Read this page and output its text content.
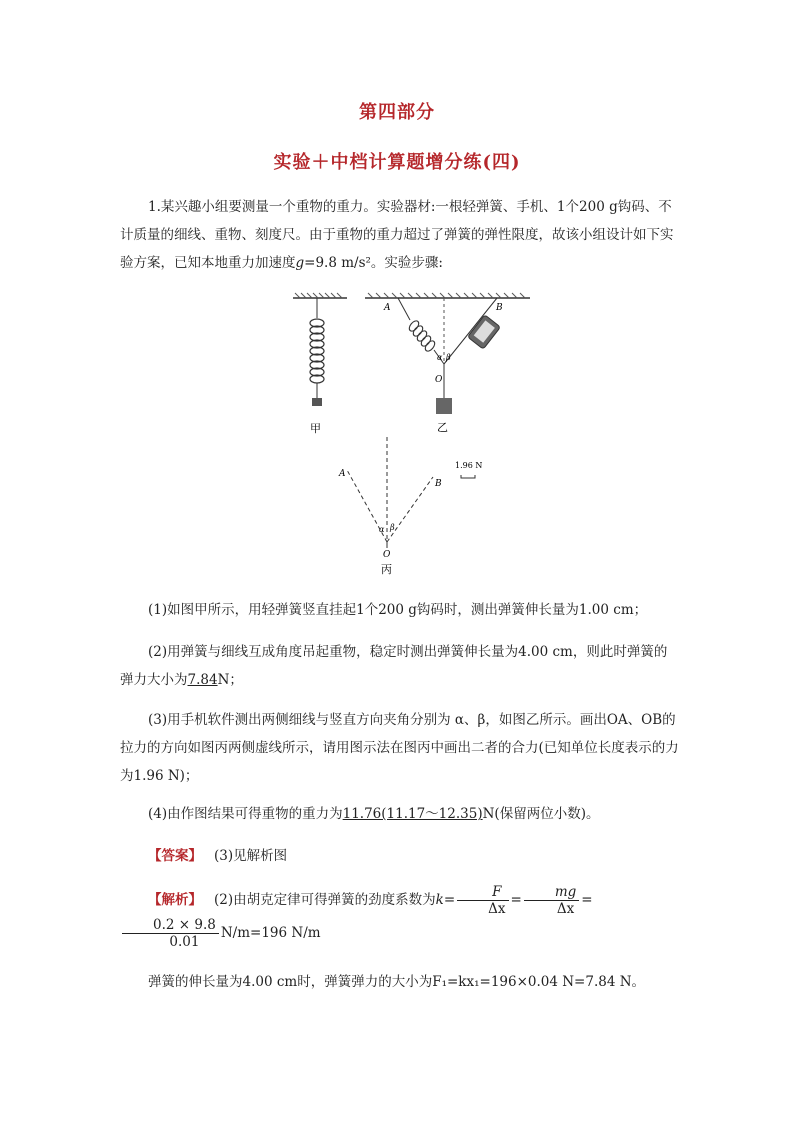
第四部分
实验＋中档计算题增分练(四)
1.某兴趣小组要测量一个重物的重力。实验器材:一根轻弹簧、手机、1个200 g钩码、不计质量的细线、重物、刻度尺。由于重物的重力超过了弹簧的弹性限度，故该小组设计如下实验方案，已知本地重力加速度g=9.8 m/s²。实验步骤:
甲
A	B
O
α β
乙
A
B
O
α β
1.96 N
丙
(1)如图甲所示，用轻弹簧竖直挂起1个200 g钩码时，测出弹簧伸长量为1.00 cm；
(2)用弹簧与细线互成角度吊起重物，稳定时测出弹簧伸长量为4.00 cm，则此时弹簧的弹力大小为7.84N；
(3)用手机软件测出两侧细线与竖直方向夹角分别为 α、β，如图乙所示。画出OA、OB的拉力的方向如图丙两侧虚线所示，请用图示法在图丙中画出二者的合力(已知单位长度表示的力为1.96 N)；
(4)由作图结果可得重物的重力为11.76(11.17～12.35)N(保留两位小数)。
【答案】 (3)见解析图
【解析】 (2)由胡克定律可得弹簧的劲度系数为$k= \frac{F}{\Delta x} = \frac{mg}{\Delta x}$ =
$\frac{0.2 \times 9.8}{0.01} N/m=196$ N/m
弹簧的伸长量为4.00 cm时，弹簧弹力的大小为F₁=kx₁=196×0.04 N=7.84 N。
